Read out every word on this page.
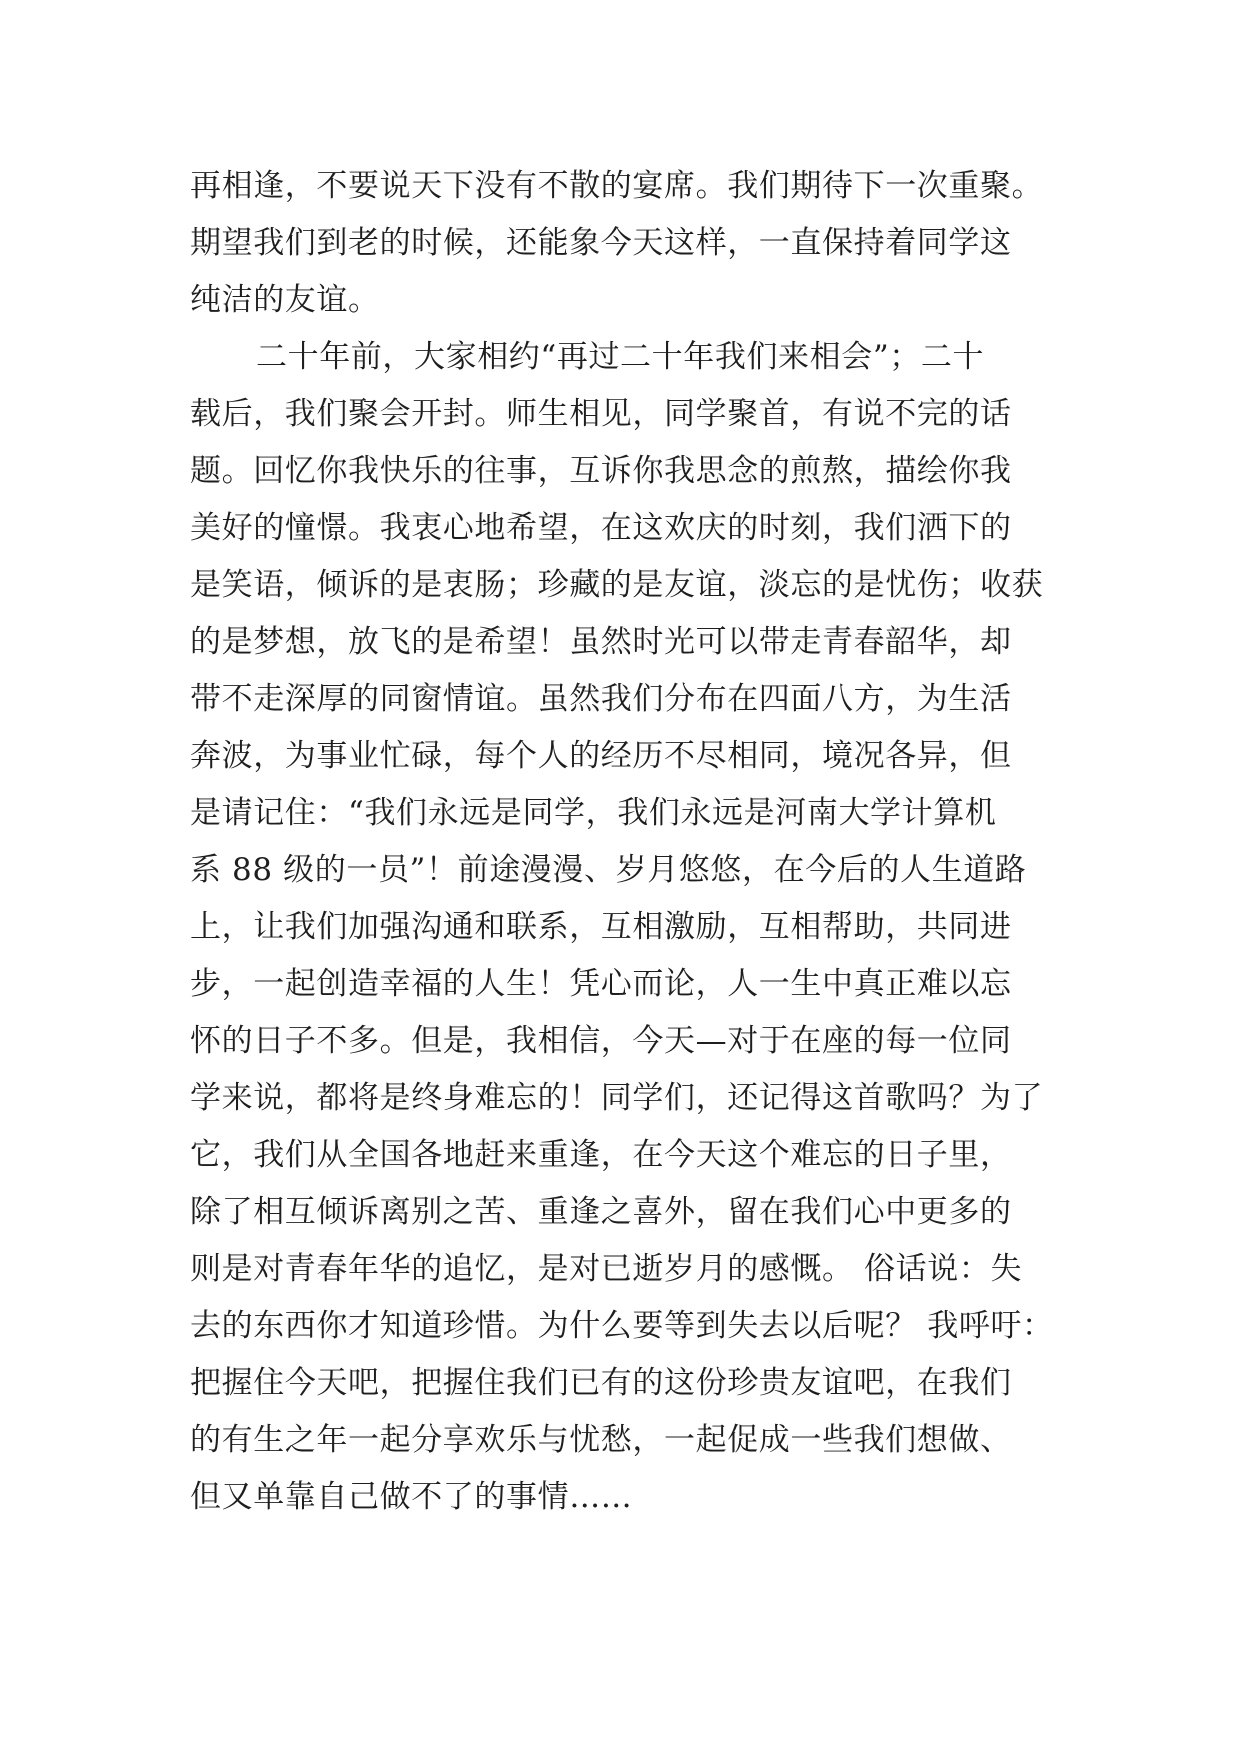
再相逢，不要说天下没有不散的宴席。我们期待下一次重聚。
期望我们到老的时候，还能象今天这样，一直保持着同学这
纯洁的友谊。
二十年前，大家相约“再过二十年我们来相会”；二十
载后，我们聚会开封。师生相见，同学聚首，有说不完的话
题。回忆你我快乐的往事，互诉你我思念的煎熬，描绘你我
美好的憧憬。我衷心地希望，在这欢庆的时刻，我们洒下的
是笑语，倾诉的是衷肠；珍藏的是友谊，淡忘的是忧伤；收获
的是梦想，放飞的是希望！虽然时光可以带走青春韶华，却
带不走深厚的同窗情谊。虽然我们分布在四面八方，为生活
奔波，为事业忙碌，每个人的经历不尽相同，境况各异，但
是请记住：“我们永远是同学，我们永远是河南大学计算机
系 88 级的一员”！前途漫漫、岁月悠悠，在今后的人生道路
上，让我们加强沟通和联系，互相激励，互相帮助，共同进
步，一起创造幸福的人生！凭心而论，人一生中真正难以忘
怀的日子不多。但是，我相信，今天—对于在座的每一位同
学来说，都将是终身难忘的！同学们，还记得这首歌吗？为了
它，我们从全国各地赶来重逢，在今天这个难忘的日子里，
除了相互倾诉离别之苦、重逢之喜外，留在我们心中更多的
则是对青春年华的追忆，是对已逝岁月的感慨。 俗话说：失
去的东西你才知道珍惜。为什么要等到失去以后呢？ 我呼吁：
把握住今天吧，把握住我们已有的这份珍贵友谊吧，在我们
的有生之年一起分享欢乐与忧愁，一起促成一些我们想做、
但又单靠自己做不了的事情……
